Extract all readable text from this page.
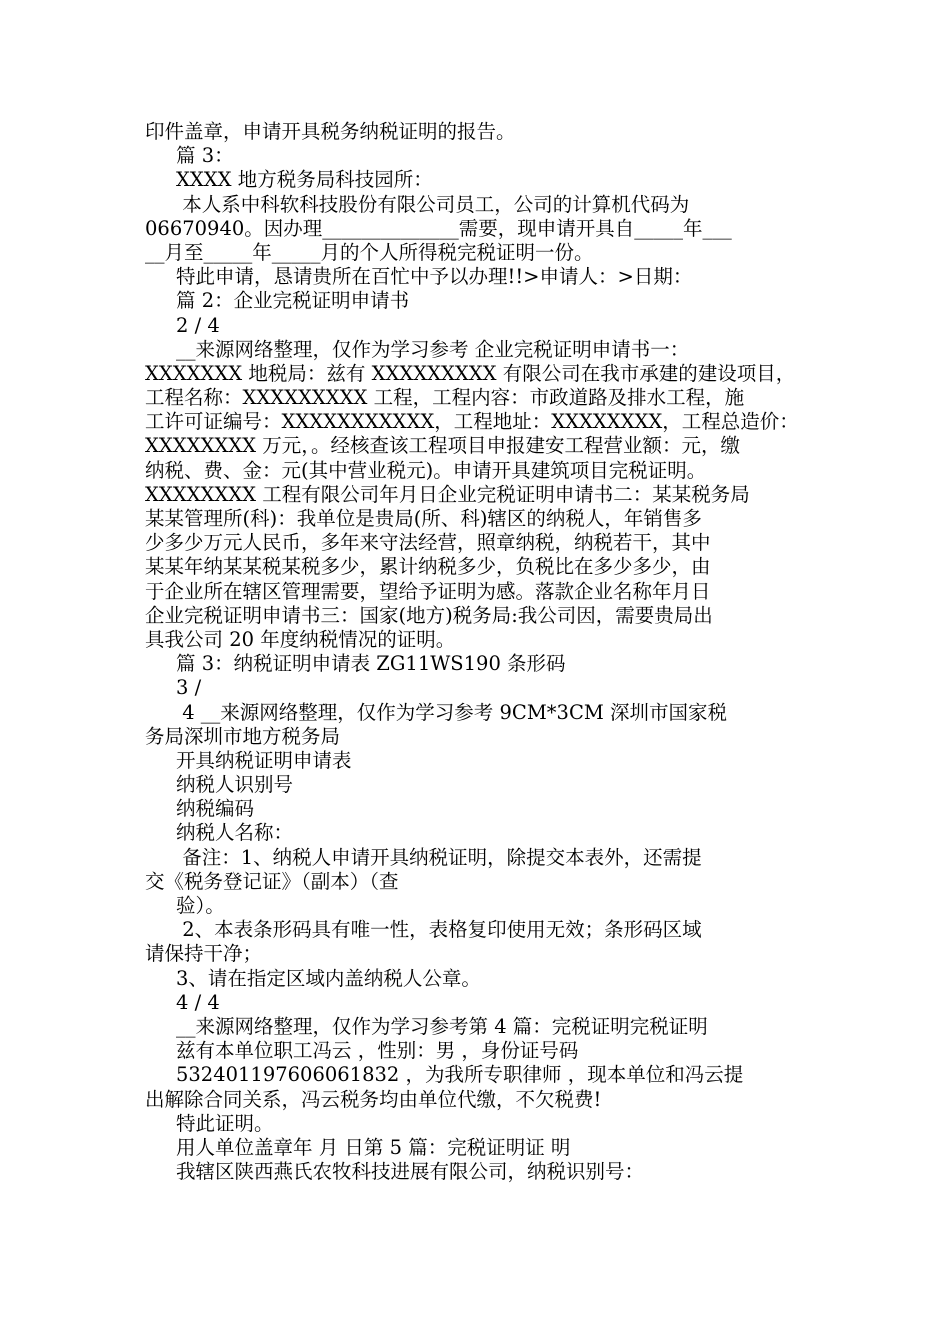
印件盖章，申请开具税务纳税证明的报告。
篇 3：
XXXX 地方税务局科技园所：
本人系中科软科技股份有限公司员工，公司的计算机代码为
06670940。因办理______________需要，现申请开具自_____年___
__月至_____年_____月的个人所得税完税证明一份。
特此申请，恳请贵所在百忙中予以办理!!>申请人：>日期：
篇 2：企业完税证明申请书
2 / 4
__来源网络整理，仅作为学习参考 企业完税证明申请书一：
XXXXXXX 地税局：兹有 XXXXXXXXX 有限公司在我市承建的建设项目，
工程名称：XXXXXXXXX 工程，工程内容：市政道路及排水工程，施
工许可证编号：XXXXXXXXXXX，工程地址：XXXXXXXX，工程总造价：
XXXXXXXX 万元，。经核查该工程项目申报建安工程营业额：元，缴
纳税、费、金：元(其中营业税元)。申请开具建筑项目完税证明。
XXXXXXXX 工程有限公司年月日企业完税证明申请书二：某某税务局
某某管理所(科)：我单位是贵局(所、科)辖区的纳税人，年销售多
少多少万元人民币，多年来守法经营，照章纳税，纳税若干，其中
某某年纳某某税某税多少，累计纳税多少，负税比在多少多少，由
于企业所在辖区管理需要，望给予证明为感。落款企业名称年月日
企业完税证明申请书三：国家(地方)税务局:我公司因，需要贵局出
具我公司 20 年度纳税情况的证明。
篇 3：纳税证明申请表 ZG11WS190 条形码
3 /
4 __来源网络整理，仅作为学习参考 9CM*3CM 深圳市国家税
务局深圳市地方税务局
开具纳税证明申请表
纳税人识别号
纳税编码
纳税人名称：
备注：1、纳税人申请开具纳税证明，除提交本表外，还需提
交《税务登记证》（副本）（查
验）。
2、本表条形码具有唯一性，表格复印使用无效；条形码区域
请保持干净；
3、请在指定区域内盖纳税人公章。
4 / 4
__来源网络整理，仅作为学习参考第 4 篇：完税证明完税证明
兹有本单位职工冯云 ，性别：男 ，身份证号码
532401197606061832 ，为我所专职律师 ，现本单位和冯云提
出解除合同关系，冯云税务均由单位代缴，不欠税费!
特此证明。
用人单位盖章年 月 日第 5 篇：完税证明证 明
我辖区陕西燕氏农牧科技进展有限公司，纳税识别号：
